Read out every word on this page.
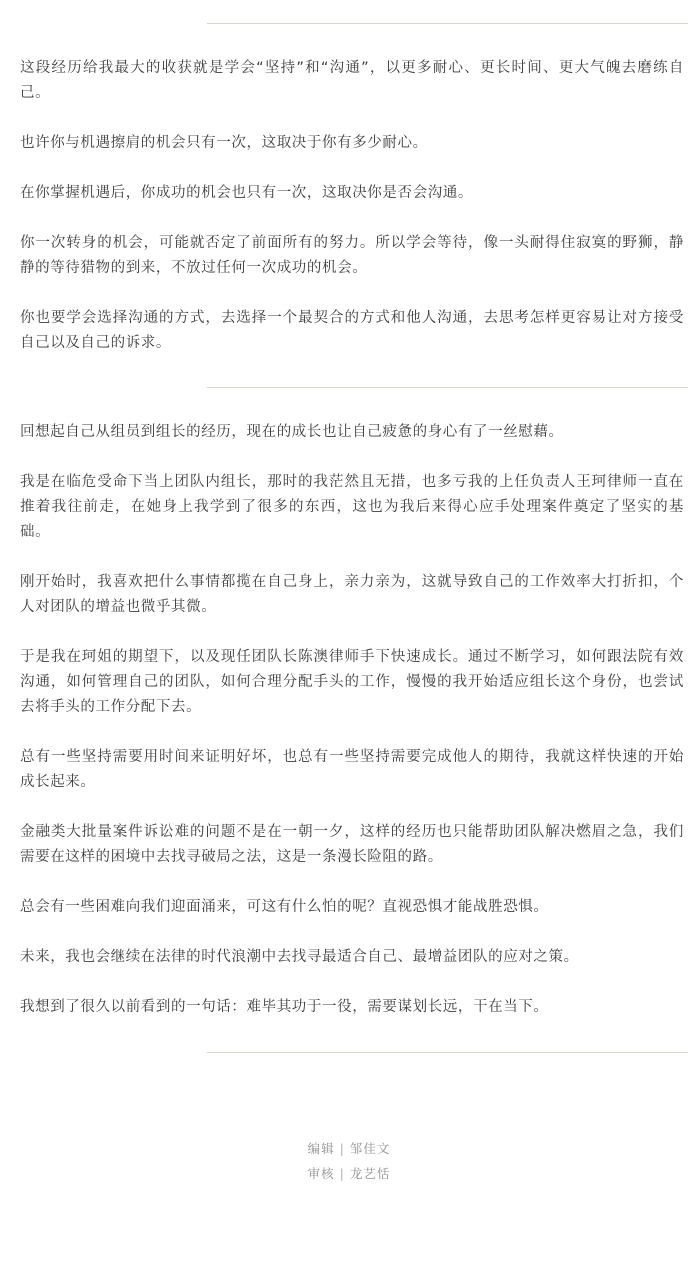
这段经历给我最大的收获就是学会“坚持”和“沟通”，以更多耐心、更长时间、更大气魄去磨练自己。

也许你与机遇擦肩的机会只有一次，这取决于你有多少耐心。

在你掌握机遇后，你成功的机会也只有一次，这取决你是否会沟通。

你一次转身的机会，可能就否定了前面所有的努力。所以学会等待，像一头耐得住寂寞的野狮，静静的等待猎物的到来，不放过任何一次成功的机会。

你也要学会选择沟通的方式，去选择一个最契合的方式和他人沟通，去思考怎样更容易让对方接受自己以及自己的诉求。

回想起自己从组员到组长的经历，现在的成长也让自己疲惫的身心有了一丝慰藉。

我是在临危受命下当上团队内组长，那时的我茫然且无措，也多亏我的上任负责人王珂律师一直在推着我往前走，在她身上我学到了很多的东西，这也为我后来得心应手处理案件奠定了坚实的基础。

刚开始时，我喜欢把什么事情都揽在自己身上，亲力亲为，这就导致自己的工作效率大打折扣，个人对团队的增益也微乎其微。

于是我在珂姐的期望下，以及现任团队长陈澳律师手下快速成长。通过不断学习，如何跟法院有效沟通，如何管理自己的团队，如何合理分配手头的工作，慢慢的我开始适应组长这个身份，也尝试去将手头的工作分配下去。

总有一些坚持需要用时间来证明好坏，也总有一些坚持需要完成他人的期待，我就这样快速的开始成长起来。

金融类大批量案件诉讼难的问题不是在一朝一夕，这样的经历也只能帮助团队解决燃眉之急，我们需要在这样的困境中去找寻破局之法，这是一条漫长险阻的路。

总会有一些困难向我们迎面涌来，可这有什么怕的呢？直视恐惧才能战胜恐惧。

未来，我也会继续在法律的时代浪潮中去找寻最适合自己、最增益团队的应对之策。

我想到了很久以前看到的一句话：难毕其功于一役，需要谋划长远，干在当下。

编辑 | 邹佳文
审核 | 龙艺恬
